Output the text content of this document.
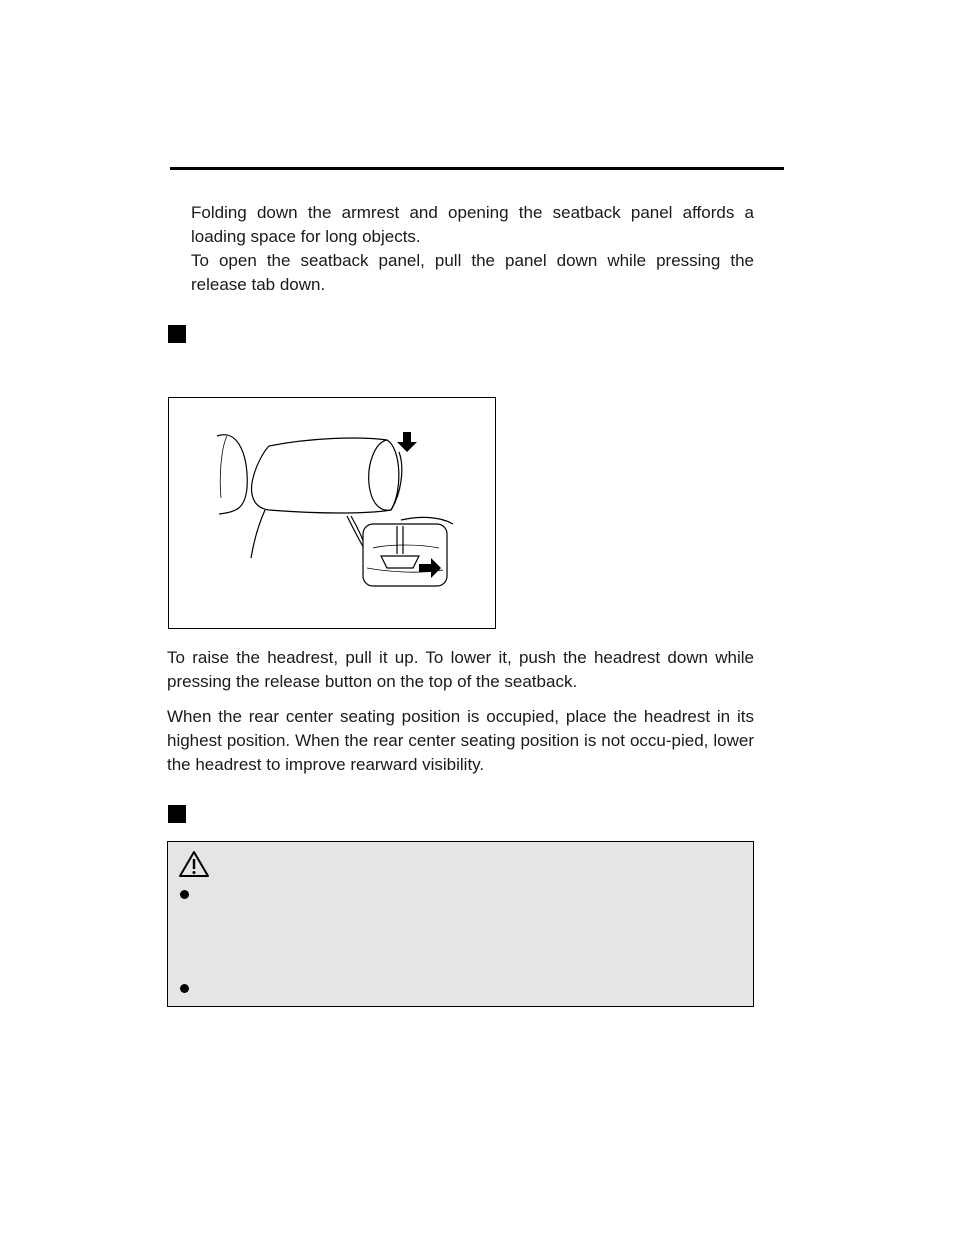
Folding down the armrest and opening the seatback panel affords a loading space for long objects.

To open the seatback panel, pull the panel down while pressing the release tab down.

To raise the headrest, pull it up. To lower it, push the headrest down while pressing the release button on the top of the seatback.

When the rear center seating position is occupied, place the headrest in its highest position. When the rear center seating position is not occu-pied, lower the headrest to improve rearward visibility.
